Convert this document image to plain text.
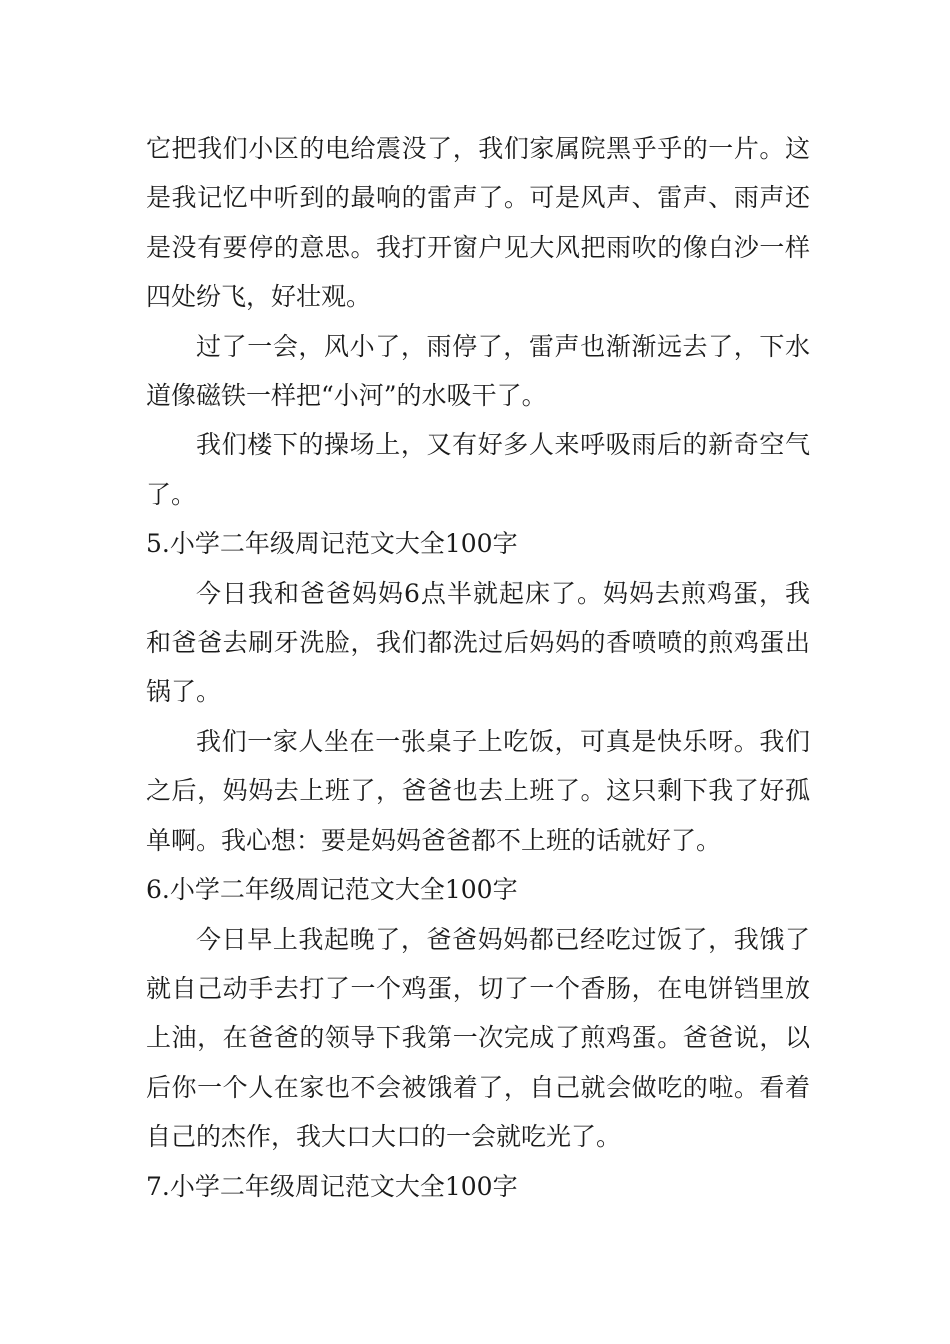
它把我们小区的电给震没了，我们家属院黑乎乎的一片。这是我记忆中听到的最响的雷声了。可是风声、雷声、雨声还是没有要停的意思。我打开窗户见大风把雨吹的像白沙一样四处纷飞，好壮观。

过了一会，风小了，雨停了，雷声也渐渐远去了，下水道像磁铁一样把“小河”的水吸干了。

我们楼下的操场上，又有好多人来呼吸雨后的新奇空气了。

5.小学二年级周记范文大全100字

今日我和爸爸妈妈6点半就起床了。妈妈去煎鸡蛋，我和爸爸去刷牙洗脸，我们都洗过后妈妈的香喷喷的煎鸡蛋出锅了。

我们一家人坐在一张桌子上吃饭，可真是快乐呀。我们之后，妈妈去上班了，爸爸也去上班了。这只剩下我了好孤单啊。我心想：要是妈妈爸爸都不上班的话就好了。

6.小学二年级周记范文大全100字

今日早上我起晚了，爸爸妈妈都已经吃过饭了，我饿了就自己动手去打了一个鸡蛋，切了一个香肠，在电饼铛里放上油，在爸爸的领导下我第一次完成了煎鸡蛋。爸爸说，以后你一个人在家也不会被饿着了，自己就会做吃的啦。看着自己的杰作，我大口大口的一会就吃光了。

7.小学二年级周记范文大全100字
